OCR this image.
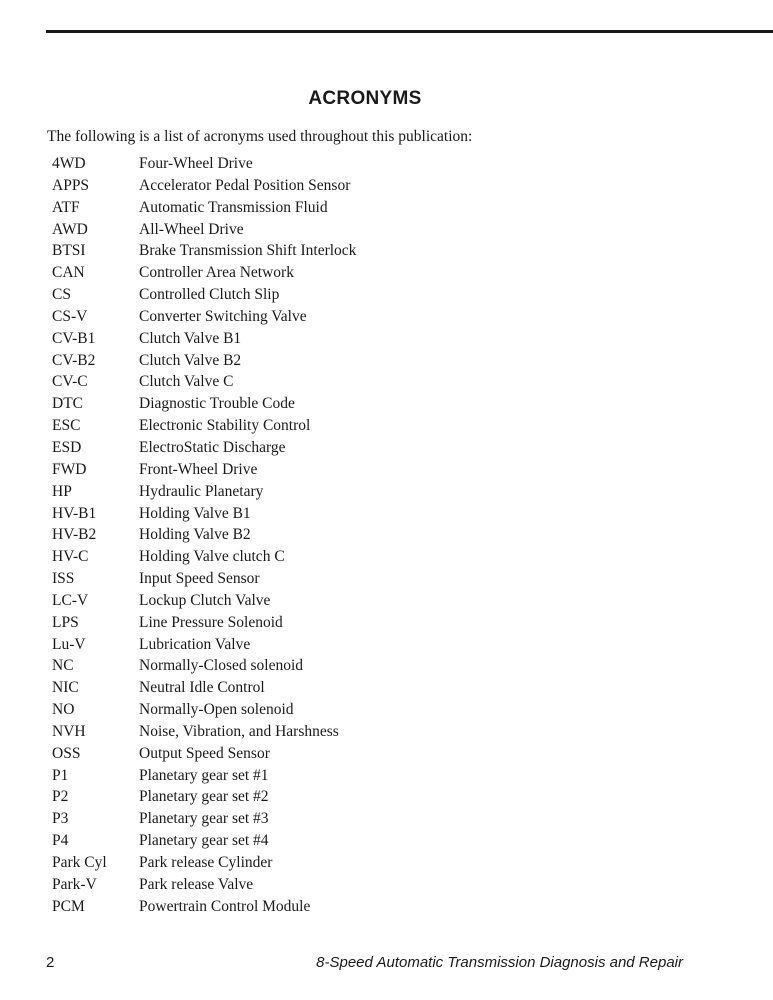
ACRONYMS

The following is a list of acronyms used throughout this publication:

4WD	Four-Wheel Drive
APPS	Accelerator Pedal Position Sensor
ATF	Automatic Transmission Fluid
AWD	All-Wheel Drive
BTSI	Brake Transmission Shift Interlock
CAN	Controller Area Network
CS	Controlled Clutch Slip
CS-V	Converter Switching Valve
CV-B1	Clutch Valve B1
CV-B2	Clutch Valve B2
CV-C	Clutch Valve C
DTC	Diagnostic Trouble Code
ESC	Electronic Stability Control
ESD	ElectroStatic Discharge
FWD	Front-Wheel Drive
HP	Hydraulic Planetary
HV-B1	Holding Valve B1
HV-B2	Holding Valve B2
HV-C	Holding Valve clutch C
ISS	Input Speed Sensor
LC-V	Lockup Clutch Valve
LPS	Line Pressure Solenoid
Lu-V	Lubrication Valve
NC	Normally-Closed solenoid
NIC	Neutral Idle Control
NO	Normally-Open solenoid
NVH	Noise, Vibration, and Harshness
OSS	Output Speed Sensor
P1	Planetary gear set #1
P2	Planetary gear set #2
P3	Planetary gear set #3
P4	Planetary gear set #4
Park Cyl	Park release Cylinder
Park-V	Park release Valve
PCM	Powertrain Control Module
2	8-Speed Automatic Transmission Diagnosis and Repair
